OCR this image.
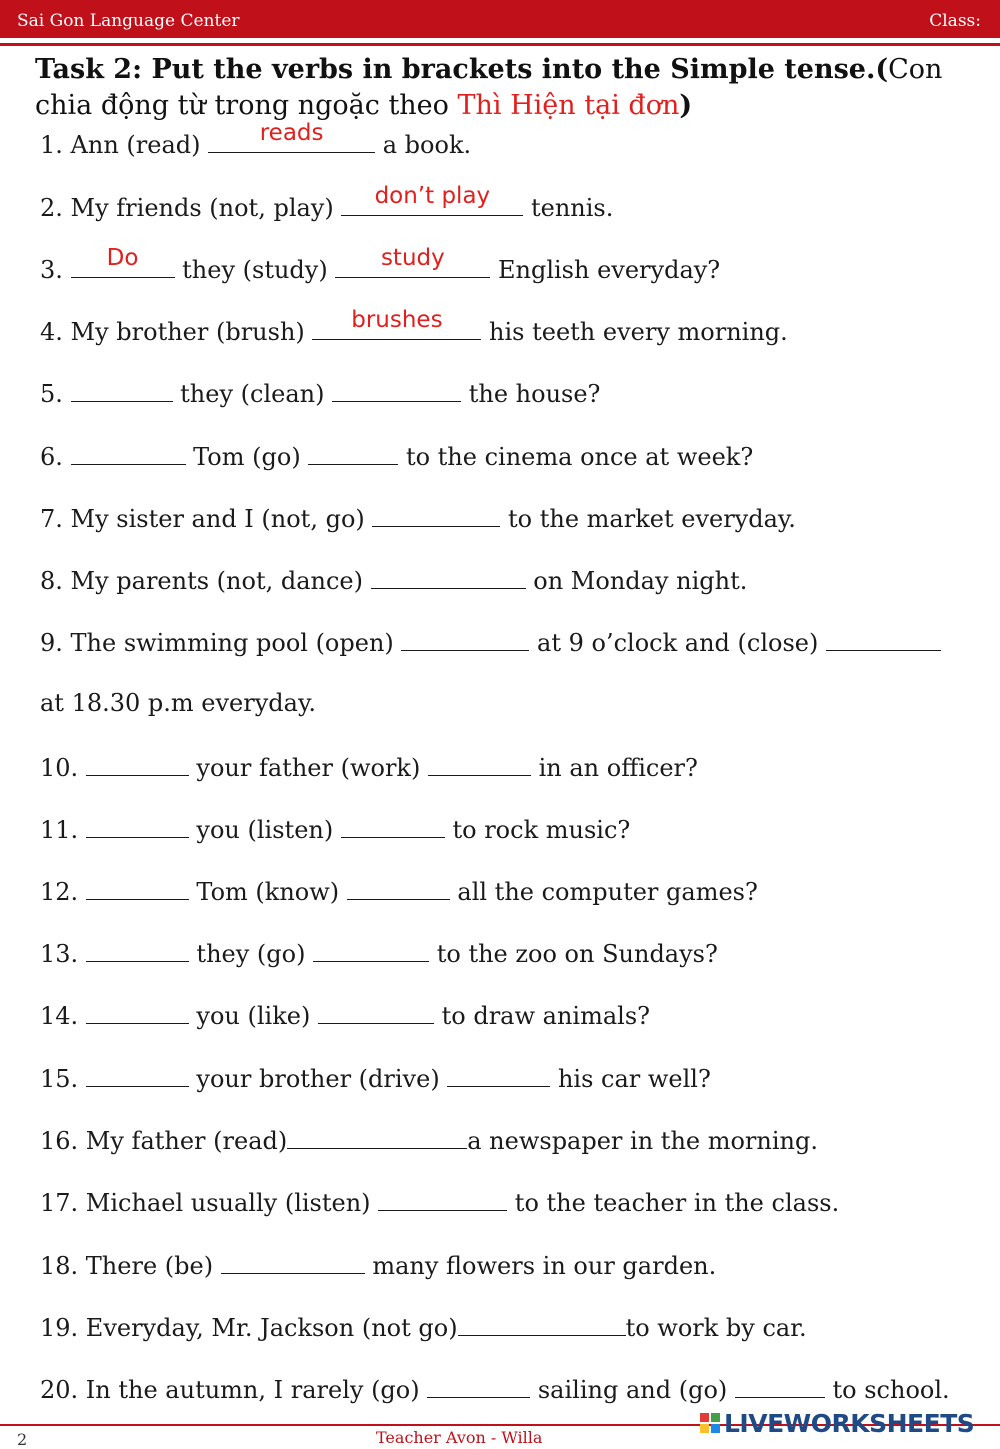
Sai Gon Language Center	Class:
Task 2: Put the verbs in brackets into the Simple tense.(Con chia động từ trong ngoặc theo Thì Hiện tại đơn)
1. Ann (read)	reads	a book.
2. My friends (not, play)	don’t play	tennis.
3.	Do	they (study)	study	English everyday?
4. My brother (brush)	brushes	his teeth every morning.
5.	they (clean)	the house?
6.	Tom (go)	to the cinema once at week?
7. My sister and I (not, go)	to the market everyday.
8. My parents (not, dance)	on Monday night.
9. The swimming pool (open)	at 9 o’clock and (close)
at 18.30 p.m everyday.
10.	your father (work)	in an officer?
11.	you (listen)	to rock music?
12.	Tom (know)	all the computer games?
13.	they (go)	to the zoo on Sundays?
14.	you (like)	to draw animals?
15.	your brother (drive)	his car well?
16. My father (read)	a newspaper in the morning.
17. Michael usually (listen)	to the teacher in the class.
18. There (be)	many flowers in our garden.
19. Everyday, Mr. Jackson (not go)	to work by car.
20. In the autumn, I rarely (go)	sailing and (go)	to school.
2	Teacher Avon - Willa	LIVEWORKSHEETS
